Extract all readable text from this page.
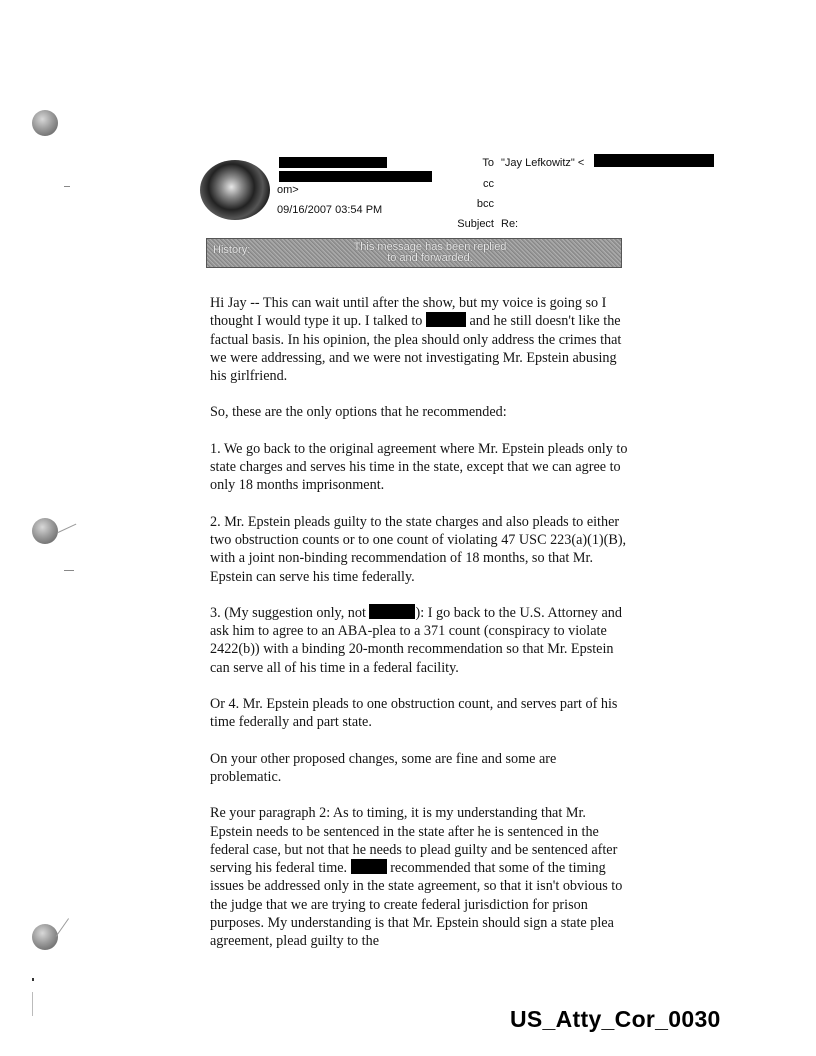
om>
09/16/2007 03:54 PM
To "Jay Lefkowitz" <
cc
bcc
Subject Re:
History:	This message has been replied
to and forwarded.

Hi Jay -- This can wait until after the show, but my voice is going so I thought I would type it up. I talked to	and he still doesn't like the factual basis. In his opinion, the plea should only address the crimes that we were addressing, and we were not investigating Mr. Epstein abusing his girlfriend.

So, these are the only options that he recommended:

1. We go back to the original agreement where Mr. Epstein pleads only to state charges and serves his time in the state, except that we can agree to only 18 months imprisonment.

2. Mr. Epstein pleads guilty to the state charges and also pleads to either two obstruction counts or to one count of violating 47 USC 223(a)(1)(B), with a joint non-binding recommendation of 18 months, so that Mr. Epstein can serve his time federally.

3. (My suggestion only, not	): I go back to the U.S. Attorney and ask him to agree to an ABA-plea to a 371 count (conspiracy to violate 2422(b)) with a binding 20-month recommendation so that Mr. Epstein can serve all of his time in a federal facility.

Or 4. Mr. Epstein pleads to one obstruction count, and serves part of his time federally and part state.

On your other proposed changes, some are fine and some are problematic.

Re your paragraph 2: As to timing, it is my understanding that Mr. Epstein needs to be sentenced in the state after he is sentenced in the federal case, but not that he needs to plead guilty and be sentenced after serving his federal time.	recommended that some of the timing issues be addressed only in the state agreement, so that it isn't obvious to the judge that we are trying to create federal jurisdiction for prison purposes. My understanding is that Mr. Epstein should sign a state plea agreement, plead guilty to the

US_Atty_Cor_0030
